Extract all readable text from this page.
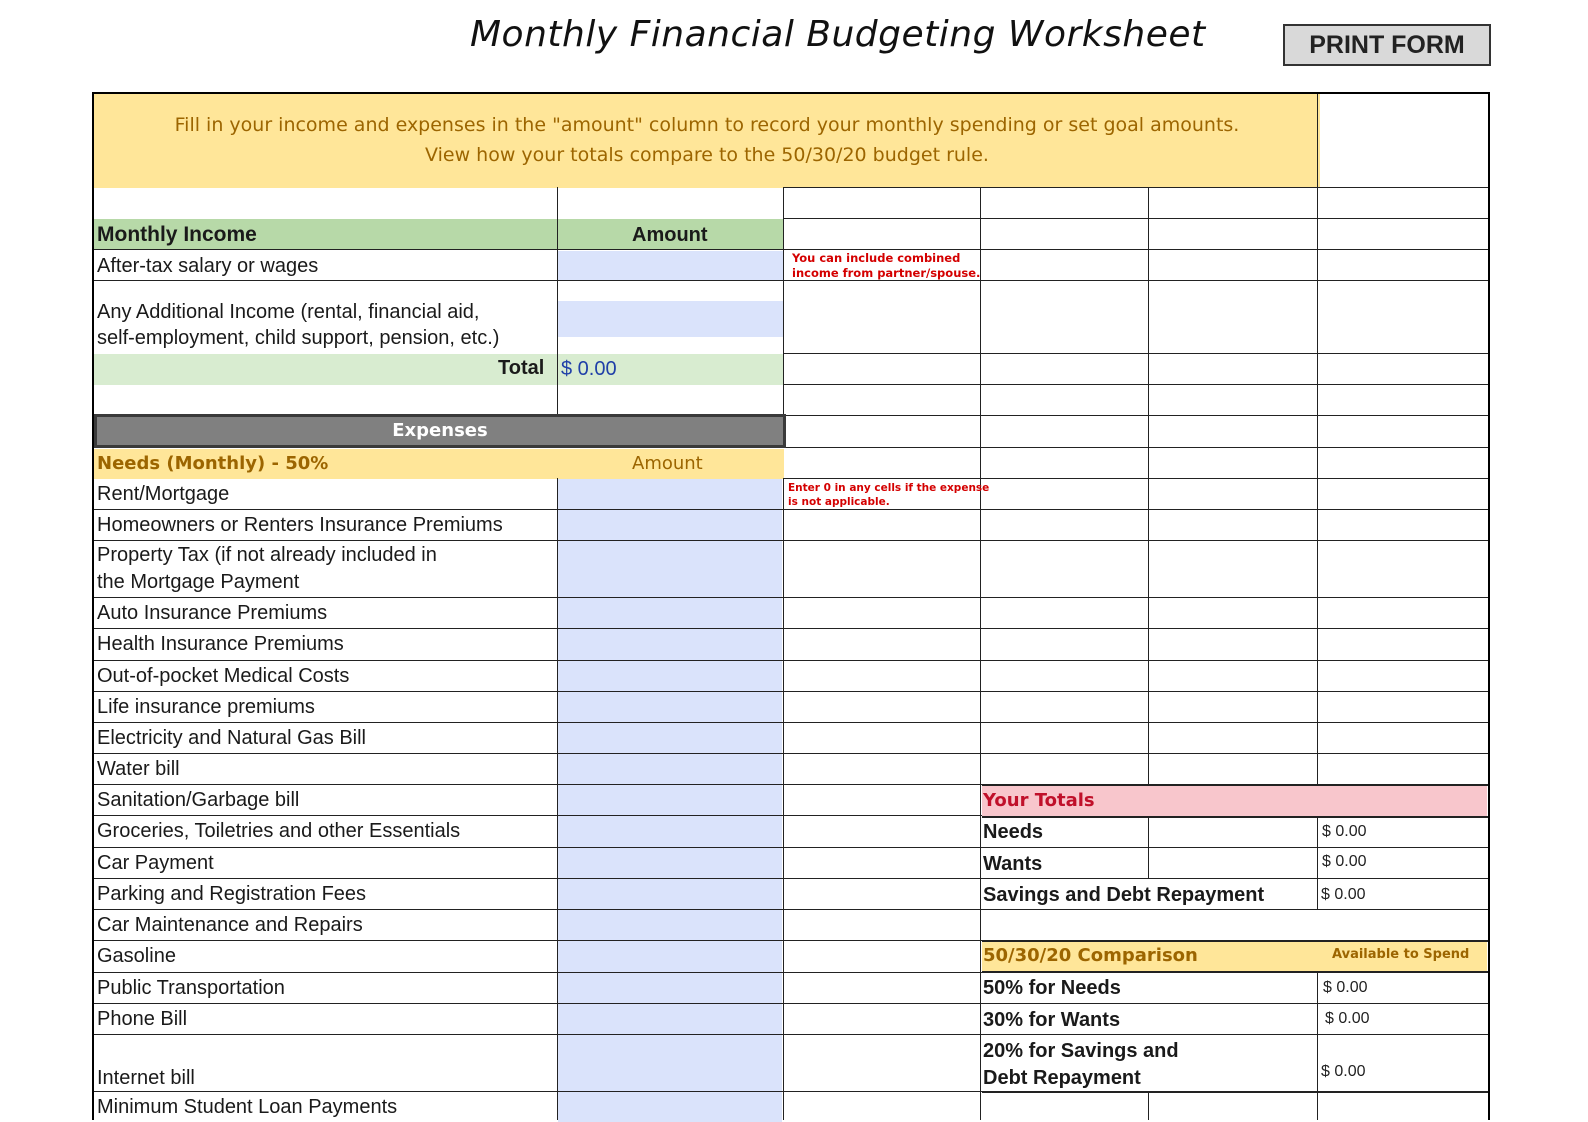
Monthly Financial Budgeting Worksheet	PRINT FORM
Fill in your income and expenses in the "amount" column to record your monthly spending or set goal amounts.
View how your totals compare to the 50/30/20 budget rule.
Monthly Income	Amount
After-tax salary or wages
Any Additional Income (rental, financial aid,
self-employment, child support, pension, etc.)
Total $ 0.00
You can include combined
income from partner/spouse.
Expenses
Needs (Monthly) - 50%	Amount
Enter 0 in any cells if the expense
is not applicable.
Rent/Mortgage
Homeowners or Renters Insurance Premiums
Property Tax (if not already included in
the Mortgage Payment
Auto Insurance Premiums
Health Insurance Premiums
Out-of-pocket Medical Costs
Life insurance premiums
Electricity and Natural Gas Bill
Water bill
Sanitation/Garbage bill
Groceries, Toiletries and other Essentials
Car Payment
Parking and Registration Fees
Car Maintenance and Repairs
Gasoline
Public Transportation
Phone Bill
Internet bill
Minimum Student Loan Payments
Your Totals
Needs	$ 0.00
Wants	$ 0.00
Savings and Debt Repayment	$ 0.00
50/30/20 Comparison	Available to Spend
50% for Needs	$ 0.00
30% for Wants	$ 0.00
20% for Savings and
Debt Repayment	$ 0.00
